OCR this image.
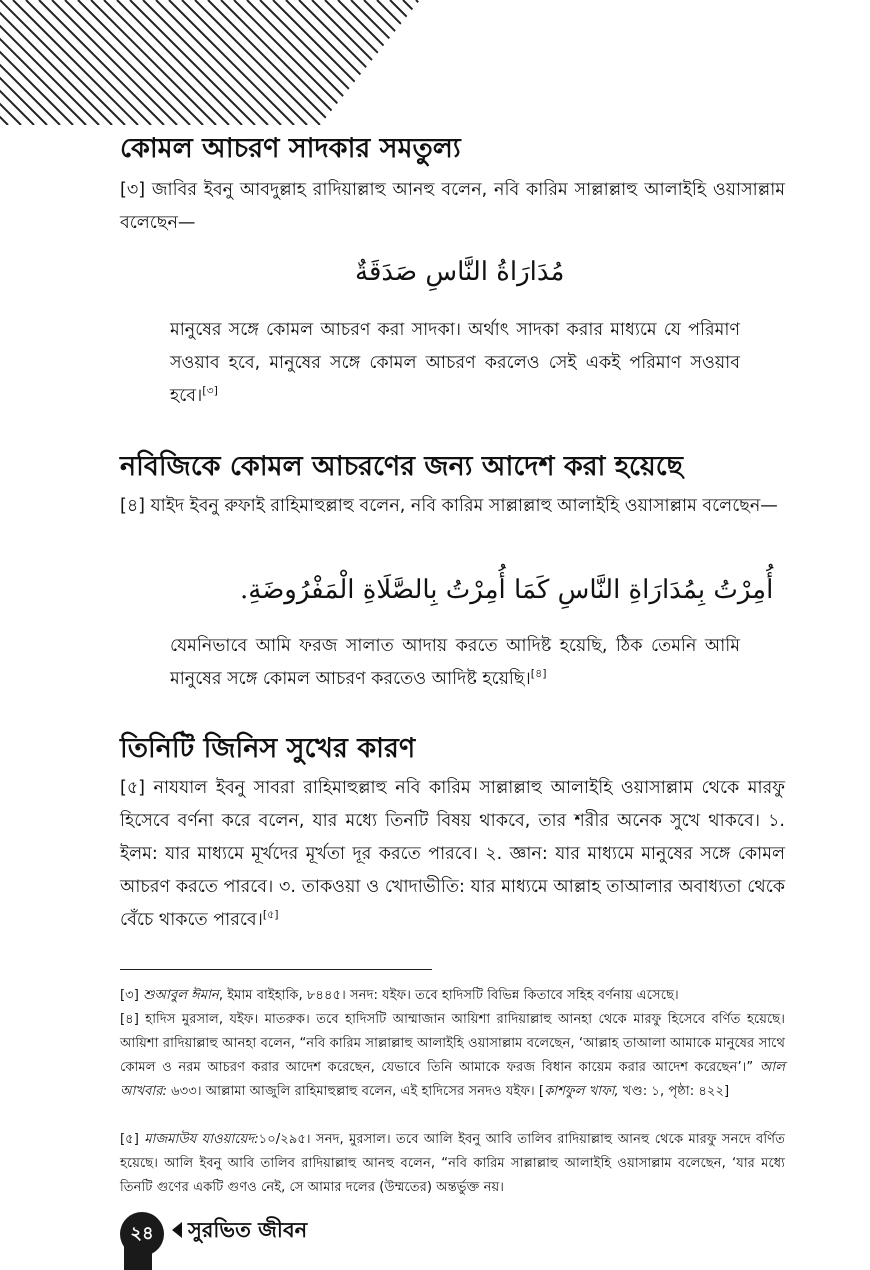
কোমল আচরণ সাদকার সমতুল্য

[৩] জাবির ইবনু আবদুল্লাহ রাদিয়াল্লাহু আনহু বলেন, নবি কারিম সাল্লাল্লাহু আলাইহি ওয়াসাল্লাম বলেছেন—

مُدَارَاةُ النَّاسِ صَدَقَةٌ

মানুষের সঙ্গে কোমল আচরণ করা সাদকা। অর্থাৎ সাদকা করার মাধ্যমে যে পরিমাণ সওয়াব হবে, মানুষের সঙ্গে কোমল আচরণ করলেও সেই একই পরিমাণ সওয়াব হবে।[৩]

নবিজিকে কোমল আচরণের জন্য আদেশ করা হয়েছে

[৪] যাইদ ইবনু রুফাই রাহিমাহুল্লাহু বলেন, নবি কারিম সাল্লাল্লাহু আলাইহি ওয়াসাল্লাম বলেছেন—

أُمِرْتُ بِمُدَارَاةِ النَّاسِ كَمَا أُمِرْتُ بِالصَّلَاةِ الْمَفْرُوضَةِ.

যেমনিভাবে আমি ফরজ সালাত আদায় করতে আদিষ্ট হয়েছি, ঠিক তেমনি আমি মানুষের সঙ্গে কোমল আচরণ করতেও আদিষ্ট হয়েছি।[৪]

তিনিটি জিনিস সুখের কারণ

[৫] নাযযাল ইবনু সাবরা রাহিমাহুল্লাহু নবি কারিম সাল্লাল্লাহু আলাইহি ওয়াসাল্লাম থেকে মারফু হিসেবে বর্ণনা করে বলেন, যার মধ্যে তিনটি বিষয় থাকবে, তার শরীর অনেক সুখে থাকবে। ১. ইলম: যার মাধ্যমে মূর্খদের মূর্খতা দূর করতে পারবে। ২. জ্ঞান: যার মাধ্যমে মানুষের সঙ্গে কোমল আচরণ করতে পারবে। ৩. তাকওয়া ও খোদাভীতি: যার মাধ্যমে আল্লাহ তাআলার অবাধ্যতা থেকে বেঁচে থাকতে পারবে।[৫]

[৩] শুআবুল ঈমান, ইমাম বাইহাকি, ৮৪৪৫। সনদ: যইফ। তবে হাদিসটি বিভিন্ন কিতাবে সহিহ বর্ণনায় এসেছে।

[৪] হাদিস মুরসাল, যইফ। মাতরুক। তবে হাদিসটি আম্মাজান আয়িশা রাদিয়াল্লাহু আনহা থেকে মারফু হিসেবে বর্ণিত হয়েছে। আয়িশা রাদিয়াল্লাহু আনহা বলেন, “নবি কারিম সাল্লাল্লাহু আলাইহি ওয়াসাল্লাম বলেছেন, ‘আল্লাহ তাআলা আমাকে মানুষের সাথে কোমল ও নরম আচরণ করার আদেশ করেছেন, যেভাবে তিনি আমাকে ফরজ বিধান কায়েম করার আদেশ করেছেন’।” আল আখবার: ৬৩৩। আল্লামা আজুলি রাহিমাহুল্লাহু বলেন, এই হাদিসের সনদও যইফ। [কাশফুল খাফা, খণ্ড: ১, পৃষ্ঠা: ৪২২]

[৫] মাজমাউয যাওয়ায়েদ:১০/২৯৫। সনদ, মুরসাল। তবে আলি ইবনু আবি তালিব রাদিয়াল্লাহু আনহু থেকে মারফু সনদে বর্ণিত হয়েছে। আলি ইবনু আবি তালিব রাদিয়াল্লাহু আনহু বলেন, “নবি কারিম সাল্লাল্লাহু আলাইহি ওয়াসাল্লাম বলেছেন, ‘যার মধ্যে তিনটি গুণের একটি গুণও নেই, সে আমার দলের (উম্মতের) অন্তর্ভুক্ত নয়।

২৪	সুরভিত জীবন
